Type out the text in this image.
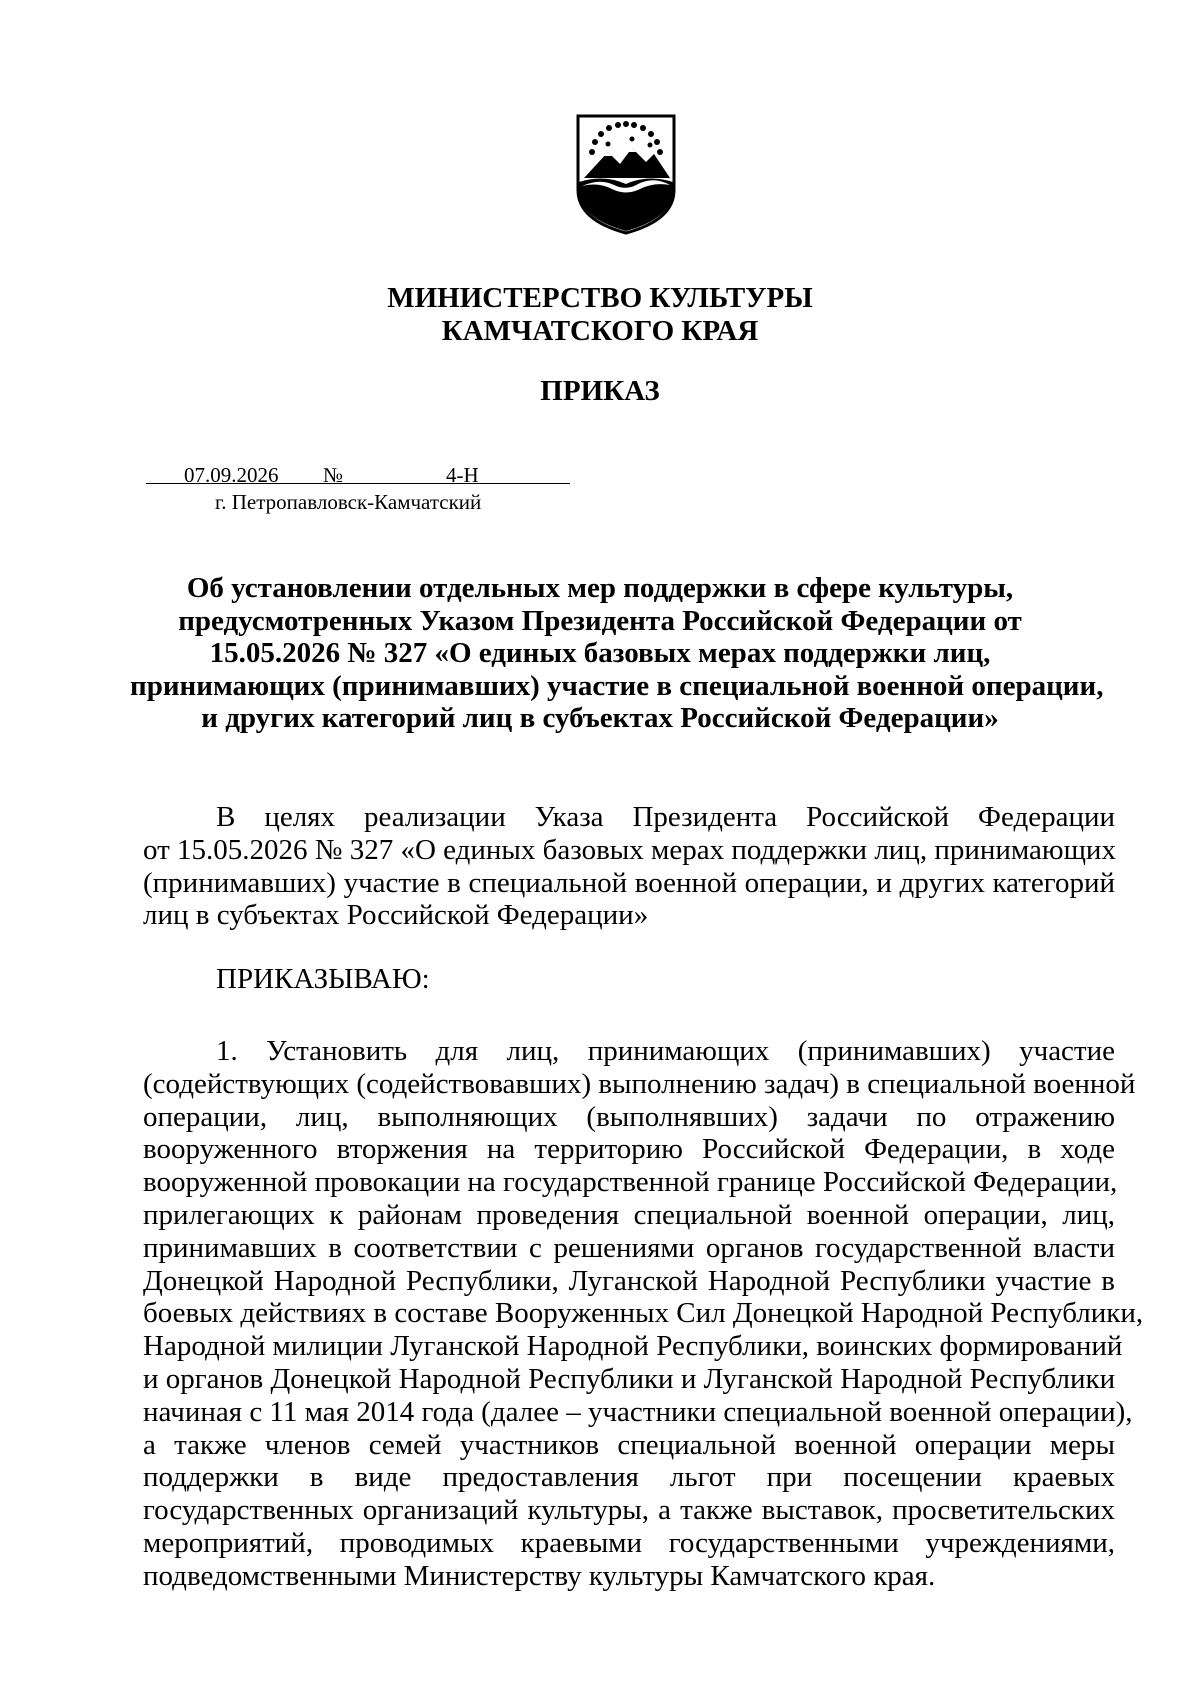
МИНИСТЕРСТВО КУЛЬТУРЫ
КАМЧАТСКОГО КРАЯ
ПРИКАЗ
07.09.2026 №	4-Н
г. Петропавловск-Камчатский
Об установлении отдельных мер поддержки в сфере культуры,
предусмотренных Указом Президента Российской Федерации от
15.05.2026 № 327 «О единых базовых мерах поддержки лиц,
принимающих (принимавших) участие в специальной военной операции,
и других категорий лиц в субъектах Российской Федерации»
В целях реализации Указа Президента Российской Федерации
от 15.05.2026 № 327 «О единых базовых мерах поддержки лиц, принимающих
(принимавших) участие в специальной военной операции, и других категорий
лиц в субъектах Российской Федерации»
ПРИКАЗЫВАЮ:
1. Установить для лиц, принимающих (принимавших) участие
(содействующих (содействовавших) выполнению задач) в специальной военной
операции, лиц, выполняющих (выполнявших) задачи по отражению
вооруженного вторжения на территорию Российской Федерации, в ходе
вооруженной провокации на государственной границе Российской Федерации,
прилегающих к районам проведения специальной военной операции, лиц,
принимавших в соответствии с решениями органов государственной власти
Донецкой Народной Республики, Луганской Народной Республики участие в
боевых действиях в составе Вооруженных Сил Донецкой Народной Республики,
Народной милиции Луганской Народной Республики, воинских формирований
и органов Донецкой Народной Республики и Луганской Народной Республики
начиная с 11 мая 2014 года (далее – участники специальной военной операции),
а также членов семей участников специальной военной операции меры
поддержки в виде предоставления льгот при посещении краевых
государственных организаций культуры, а также выставок, просветительских
мероприятий, проводимых краевыми государственными учреждениями,
подведомственными Министерству культуры Камчатского края.
